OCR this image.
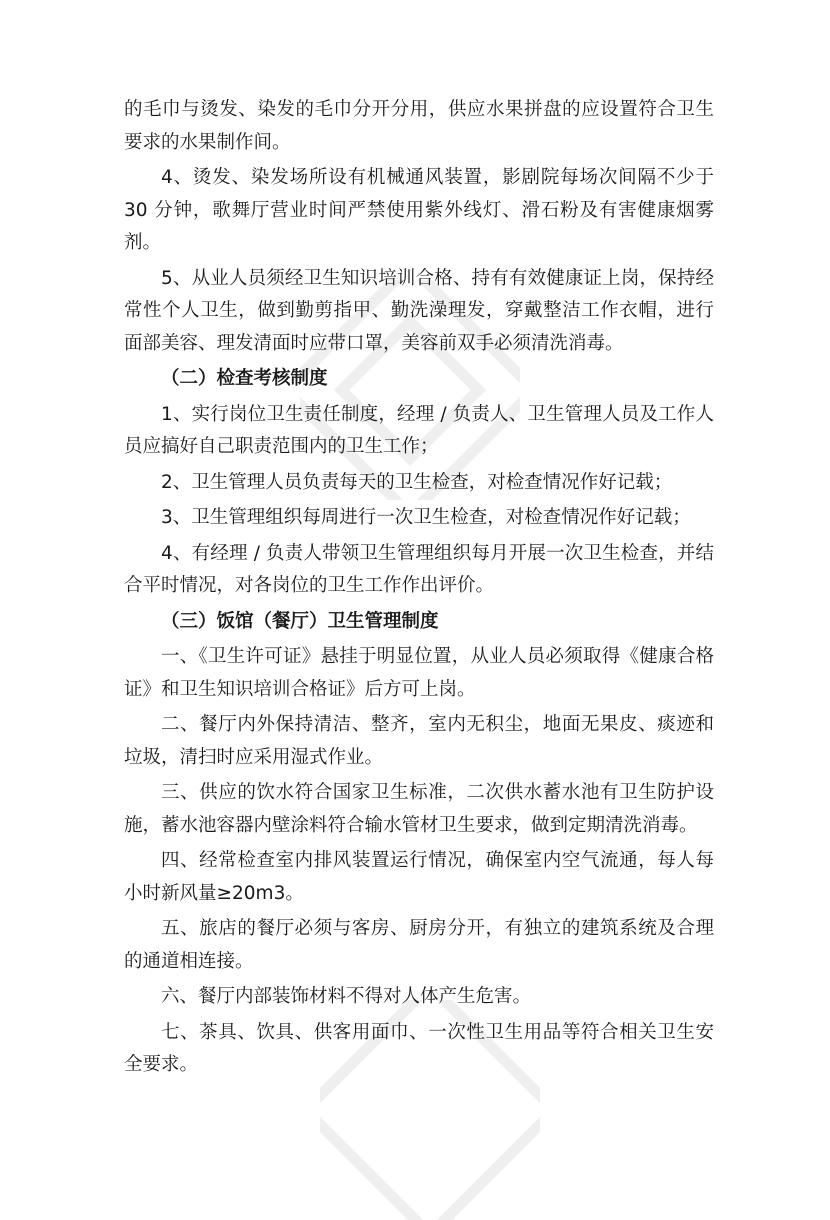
的毛巾与烫发、染发的毛巾分开分用，供应水果拼盘的应设置符合卫生要求的水果制作间。

4、烫发、染发场所设有机械通风装置，影剧院每场次间隔不少于 30 分钟，歌舞厅营业时间严禁使用紫外线灯、滑石粉及有害健康烟雾剂。

5、从业人员须经卫生知识培训合格、持有有效健康证上岗，保持经常性个人卫生，做到勤剪指甲、勤洗澡理发，穿戴整洁工作衣帽，进行面部美容、理发清面时应带口罩，美容前双手必须清洗消毒。

（二）检查考核制度

1、实行岗位卫生责任制度，经理 / 负责人、卫生管理人员及工作人员应搞好自己职责范围内的卫生工作；

2、卫生管理人员负责每天的卫生检查，对检查情况作好记载；

3、卫生管理组织每周进行一次卫生检查，对检查情况作好记载；

4、有经理 / 负责人带领卫生管理组织每月开展一次卫生检查，并结合平时情况，对各岗位的卫生工作作出评价。

（三）饭馆（餐厅）卫生管理制度

一、《卫生许可证》悬挂于明显位置，从业人员必须取得《健康合格证》和卫生知识培训合格证》后方可上岗。

二、餐厅内外保持清洁、整齐，室内无积尘，地面无果皮、痰迹和垃圾，清扫时应采用湿式作业。

三、供应的饮水符合国家卫生标准，二次供水蓄水池有卫生防护设施，蓄水池容器内壁涂料符合输水管材卫生要求，做到定期清洗消毒。

四、经常检查室内排风装置运行情况，确保室内空气流通，每人每小时新风量≥20m3。

五、旅店的餐厅必须与客房、厨房分开，有独立的建筑系统及合理的通道相连接。

六、餐厅内部装饰材料不得对人体产生危害。

七、茶具、饮具、供客用面巾、一次性卫生用品等符合相关卫生安全要求。
